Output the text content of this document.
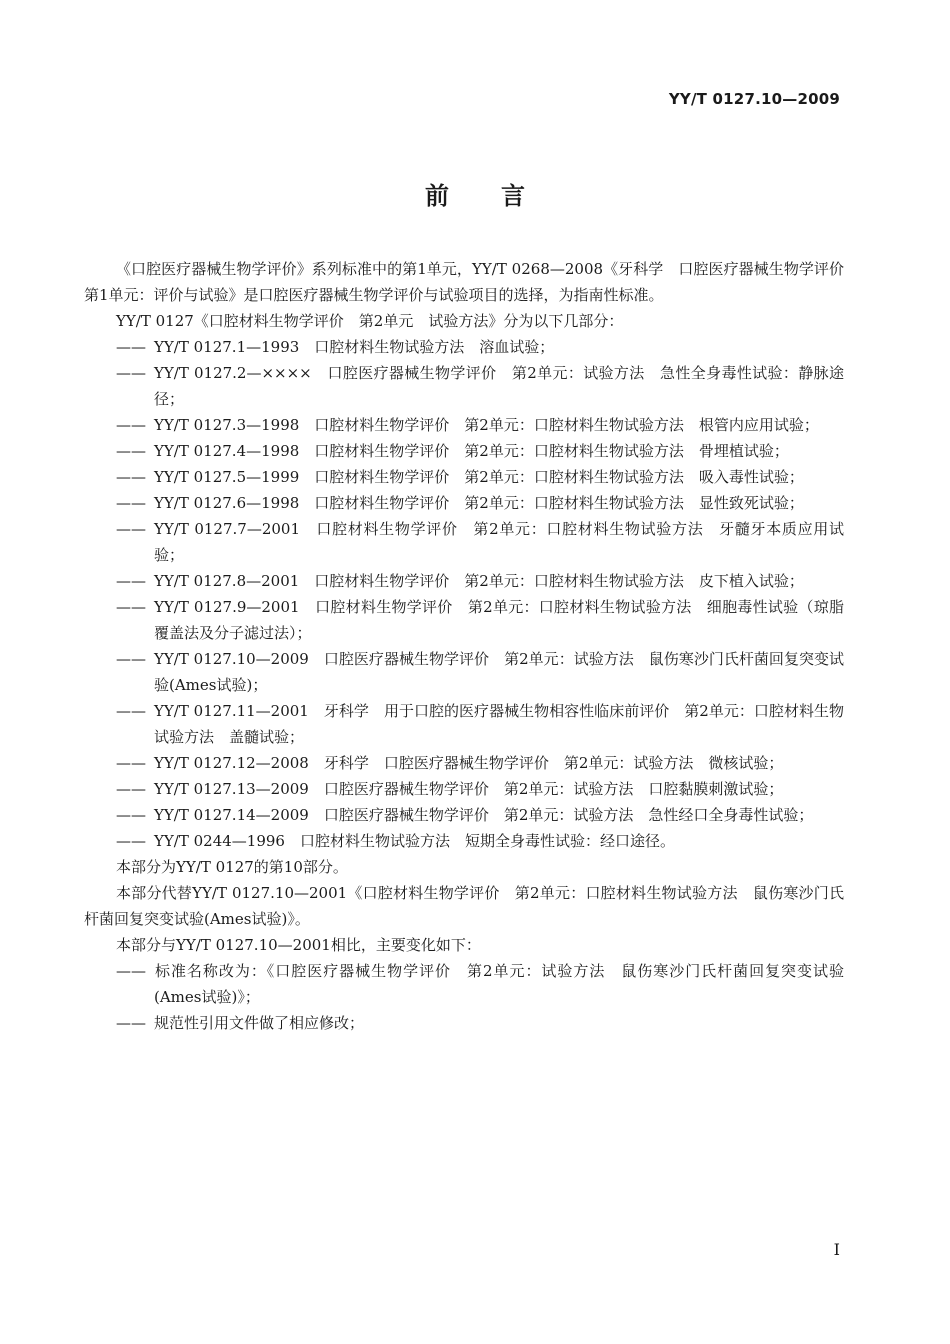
YY/T 0127.10—2009
前言

《口腔医疗器械生物学评价》系列标准中的第1单元，YY/T 0268—2008《牙科学　口腔医疗器械生物学评价　第1单元：评价与试验》是口腔医疗器械生物学评价与试验项目的选择，为指南性标准。

YY/T 0127《口腔材料生物学评价　第2单元　试验方法》分为以下几部分：

—— YY/T 0127.1—1993　口腔材料生物试验方法　溶血试验；

—— YY/T 0127.2—××××　口腔医疗器械生物学评价　第2单元：试验方法　急性全身毒性试验：静脉途径；

—— YY/T 0127.3—1998　口腔材料生物学评价　第2单元：口腔材料生物试验方法　根管内应用试验；

—— YY/T 0127.4—1998　口腔材料生物学评价　第2单元：口腔材料生物试验方法　骨埋植试验；

—— YY/T 0127.5—1999　口腔材料生物学评价　第2单元：口腔材料生物试验方法　吸入毒性试验；

—— YY/T 0127.6—1998　口腔材料生物学评价　第2单元：口腔材料生物试验方法　显性致死试验；

—— YY/T 0127.7—2001　口腔材料生物学评价　第2单元：口腔材料生物试验方法　牙髓牙本质应用试验；

—— YY/T 0127.8—2001　口腔材料生物学评价　第2单元：口腔材料生物试验方法　皮下植入试验；

—— YY/T 0127.9—2001　口腔材料生物学评价　第2单元：口腔材料生物试验方法　细胞毒性试验（琼脂覆盖法及分子滤过法）；

—— YY/T 0127.10—2009　口腔医疗器械生物学评价　第2单元：试验方法　鼠伤寒沙门氏杆菌回复突变试验(Ames试验)；

—— YY/T 0127.11—2001　牙科学　用于口腔的医疗器械生物相容性临床前评价　第2单元：口腔材料生物试验方法　盖髓试验；

—— YY/T 0127.12—2008　牙科学　口腔医疗器械生物学评价　第2单元：试验方法　微核试验；

—— YY/T 0127.13—2009　口腔医疗器械生物学评价　第2单元：试验方法　口腔黏膜刺激试验；

—— YY/T 0127.14—2009　口腔医疗器械生物学评价　第2单元：试验方法　急性经口全身毒性试验；

—— YY/T 0244—1996　口腔材料生物试验方法　短期全身毒性试验：经口途径。

本部分为YY/T 0127的第10部分。

本部分代替YY/T 0127.10—2001《口腔材料生物学评价　第2单元：口腔材料生物试验方法　鼠伤寒沙门氏杆菌回复突变试验(Ames试验)》。

本部分与YY/T 0127.10—2001相比，主要变化如下：

—— 标准名称改为：《口腔医疗器械生物学评价　第2单元：试验方法　鼠伤寒沙门氏杆菌回复突变试验(Ames试验)》；

—— 规范性引用文件做了相应修改；

I
